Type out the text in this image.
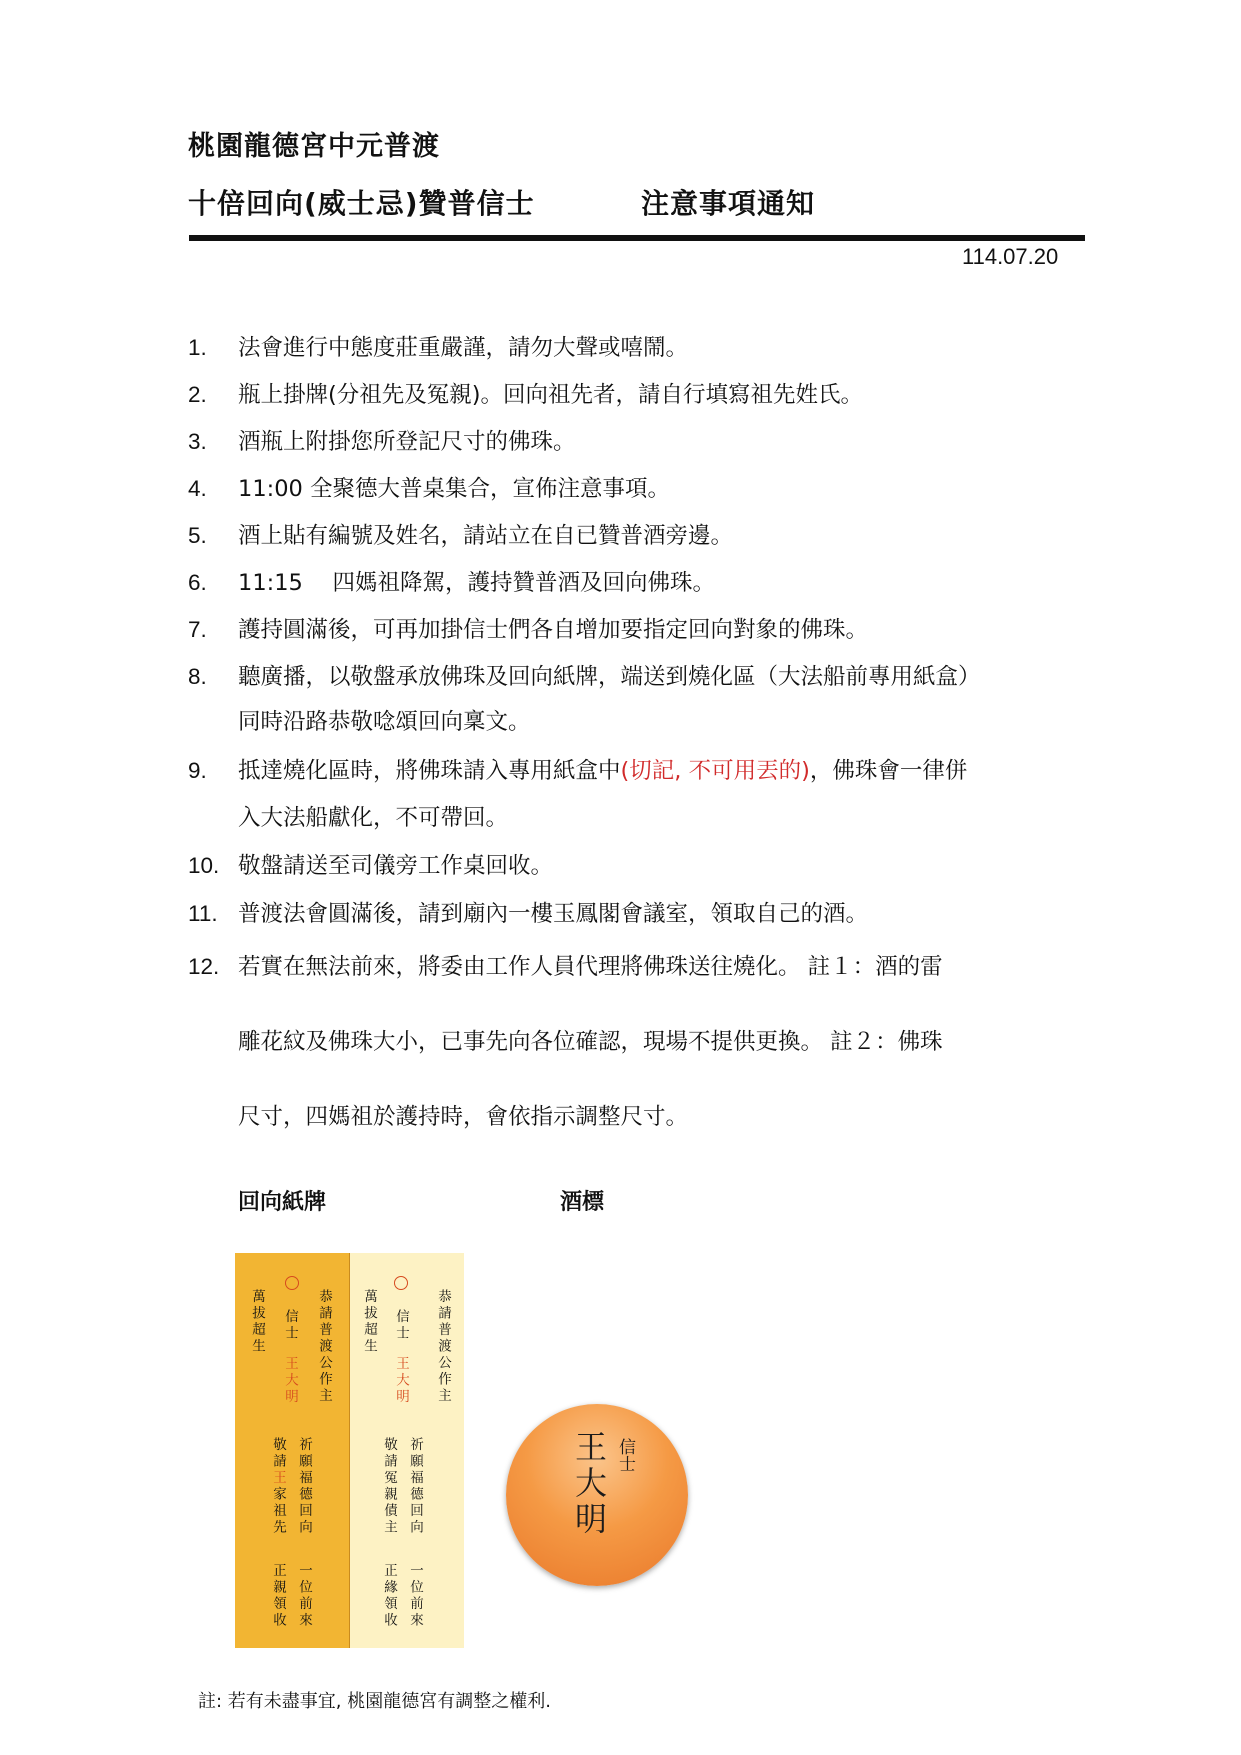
桃園龍德宮中元普渡
十倍回向(威士忌)贊普信士	注意事項通知
114.07.20
1.	法會進行中態度莊重嚴謹，請勿大聲或嘻鬧。
2.	瓶上掛牌(分祖先及冤親)。回向祖先者，請自行填寫祖先姓氏。
3.	酒瓶上附掛您所登記尺寸的佛珠。
4.	11:00 全聚德大普桌集合，宣佈注意事項。
5.	酒上貼有編號及姓名，請站立在自已贊普酒旁邊。
6.	11:15　 四媽祖降駕，護持贊普酒及回向佛珠。
7.	護持圓滿後，可再加掛信士們各自增加要指定回向對象的佛珠。
8.	聽廣播，以敬盤承放佛珠及回向紙牌，端送到燒化區（大法船前專用紙盒）
同時沿路恭敬唸頌回向稟文。
9.	抵達燒化區時，將佛珠請入專用紙盒中(切記, 不可用丟的)，佛珠會一律併
入大法船獻化，不可帶回。
10. 敬盤請送至司儀旁工作桌回收。
11. 普渡法會圓滿後，請到廟內一樓玉鳳閣會議室，領取自己的酒。
12. 若實在無法前來，將委由工作人員代理將佛珠送往燒化。 註１：酒的雷
雕花紋及佛珠大小，已事先向各位確認，現場不提供更換。 註２：佛珠
尺寸，四媽祖於護持時，會依指示調整尺寸。
回向紙牌	酒標
萬拔超生 信士王大明 恭請普渡公作主
敬請王家祖先 祈願福德回向
正親領收 一位前來
萬拔超生 信士王大明 恭請普渡公作主
敬請冤親債主 祈願福德回向
正緣領收 一位前來
王大明 信士
註: 若有未盡事宜, 桃園龍德宮有調整之權利.
